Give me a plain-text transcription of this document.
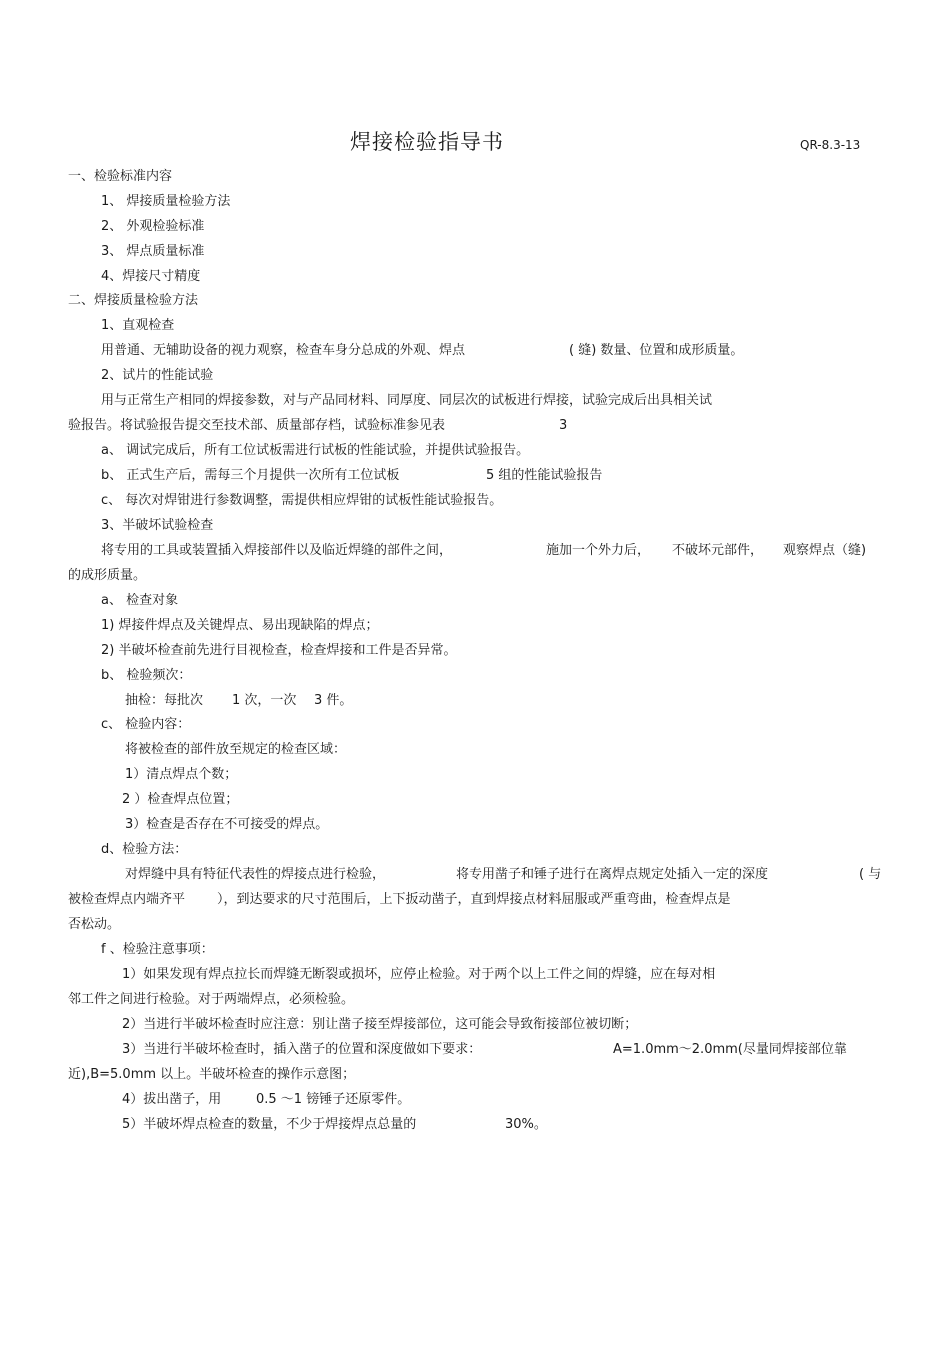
焊接检验指导书	QR-8.3-13
一、检验标准内容
1、 焊接质量检验方法
2、 外观检验标准
3、 焊点质量标准
4、焊接尺寸精度
二、焊接质量检验方法
1、直观检查
用普通、无辅助设备的视力观察，检查车身分总成的外观、焊点	( 缝) 数量、位置和成形质量。
2、试片的性能试验
用与正常生产相同的焊接参数，对与产品同材料、同厚度、同层次的试板进行焊接，试验完成后出具相关试
验报告。将试验报告提交至技术部、质量部存档，试验标准参见表	3
a、 调试完成后，所有工位试板需进行试板的性能试验，并提供试验报告。
b、 正式生产后，需每三个月提供一次所有工位试板	5 组的性能试验报告
c、 每次对焊钳进行参数调整，需提供相应焊钳的试板性能试验报告。
3、半破坏试验检查
将专用的工具或装置插入焊接部件以及临近焊缝的部件之间，	施加一个外力后， 不破坏元部件， 观察焊点（缝)
的成形质量。
a、 检查对象
1) 焊接件焊点及关键焊点、易出现缺陷的焊点；
2) 半破坏检查前先进行目视检查，检查焊接和工件是否异常。
b、 检验频次：
抽检：每批次 1 次，一次 3 件。
c、 检验内容：
将被检查的部件放至规定的检查区域：
1）清点焊点个数；
2 ）检查焊点位置；
3）检查是否存在不可接受的焊点。
d、检验方法：
对焊缝中具有特征代表性的焊接点进行检验，	将专用凿子和锤子进行在离焊点规定处插入一定的深度	( 与
被检查焊点内端齐平 ），到达要求的尺寸范围后，上下扳动凿子，直到焊接点材料屈服或严重弯曲，检查焊点是
否松动。
f 、检验注意事项：
1）如果发现有焊点拉长而焊缝无断裂或损坏，应停止检验。对于两个以上工件之间的焊缝，应在每对相
邻工件之间进行检验。对于两端焊点，必须检验。
2）当进行半破坏检查时应注意：别让凿子接至焊接部位，这可能会导致衔接部位被切断；
3）当进行半破坏检查时，插入凿子的位置和深度做如下要求：	A=1.0mm～2.0mm(尽量同焊接部位靠
近),B=5.0mm 以上。半破坏检查的操作示意图；
4）拔出凿子，用	0.5 ～1 镑锤子还原零件。
5）半破坏焊点检查的数量，不少于焊接焊点总量的	30%。
